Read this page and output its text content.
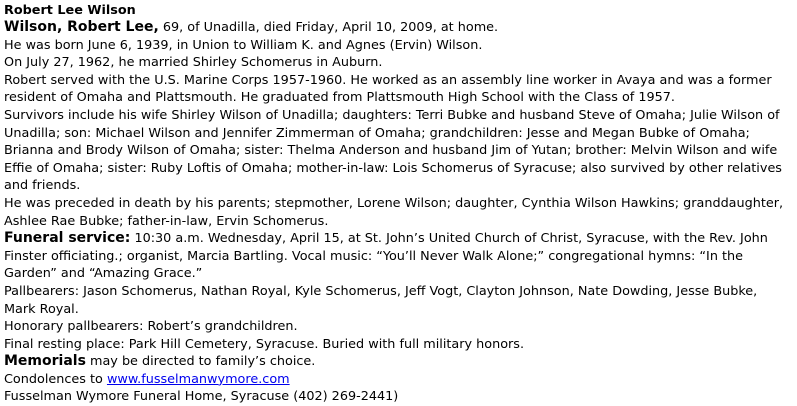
Robert Lee Wilson

Wilson, Robert Lee, 69, of Unadilla, died Friday, April 10, 2009, at home.

He was born June 6, 1939, in Union to William K. and Agnes (Ervin) Wilson.

On July 27, 1962, he married Shirley Schomerus in Auburn.

Robert served with the U.S. Marine Corps 1957-1960. He worked as an assembly line worker in Avaya and was a former resident of Omaha and Plattsmouth. He graduated from Plattsmouth High School with the Class of 1957.

Survivors include his wife Shirley Wilson of Unadilla; daughters: Terri Bubke and husband Steve of Omaha; Julie Wilson of Unadilla; son: Michael Wilson and Jennifer Zimmerman of Omaha; grandchildren: Jesse and Megan Bubke of Omaha; Brianna and Brody Wilson of Omaha; sister: Thelma Anderson and husband Jim of Yutan; brother: Melvin Wilson and wife Effie of Omaha; sister: Ruby Loftis of Omaha; mother-in-law: Lois Schomerus of Syracuse; also survived by other relatives and friends.

He was preceded in death by his parents; stepmother, Lorene Wilson; daughter, Cynthia Wilson Hawkins; granddaughter, Ashlee Rae Bubke; father-in-law, Ervin Schomerus.

Funeral service: 10:30 a.m. Wednesday, April 15, at St. John’s United Church of Christ, Syracuse, with the Rev. John Finster officiating.; organist, Marcia Bartling. Vocal music: “You’ll Never Walk Alone;” congregational hymns: “In the Garden” and “Amazing Grace.”

Pallbearers: Jason Schomerus, Nathan Royal, Kyle Schomerus, Jeff Vogt, Clayton Johnson, Nate Dowding, Jesse Bubke, Mark Royal.

Honorary pallbearers: Robert’s grandchildren.

Final resting place: Park Hill Cemetery, Syracuse. Buried with full military honors.

Memorials may be directed to family’s choice.

Condolences to www.fusselmanwymore.com

Fusselman Wymore Funeral Home, Syracuse (402) 269-2441)
